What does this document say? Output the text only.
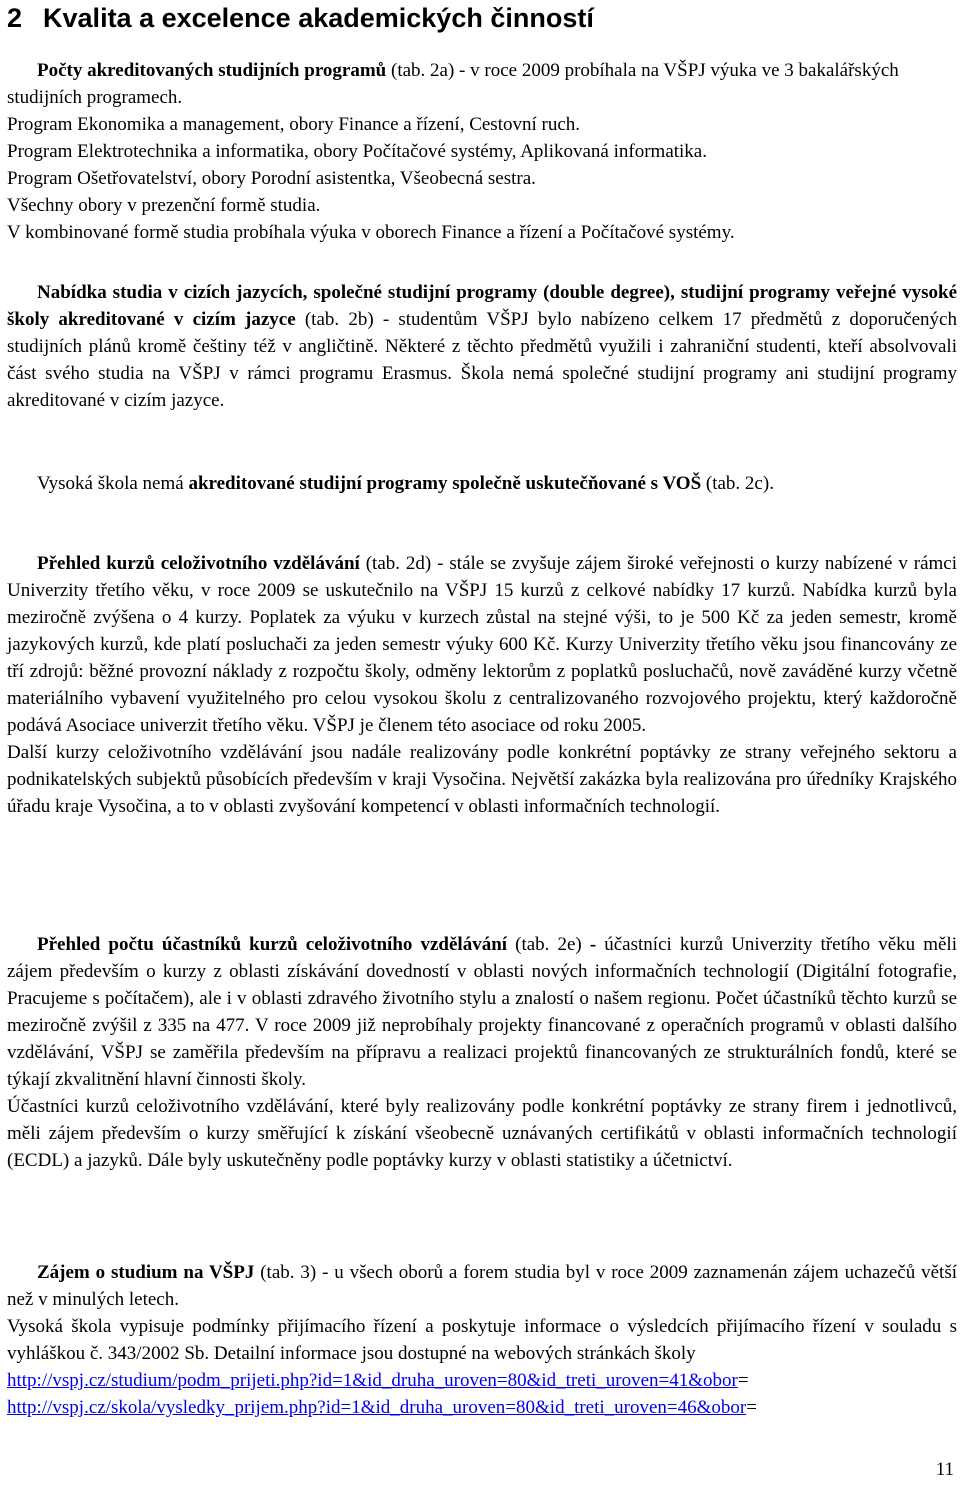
2 Kvalita a excelence akademických činností
Počty akreditovaných studijních programů (tab. 2a) - v roce 2009 probíhala na VŠPJ výuka ve 3 bakalářských studijních programech.
Program Ekonomika a management, obory Finance a řízení, Cestovní ruch.
Program Elektrotechnika a informatika, obory Počítačové systémy, Aplikovaná informatika.
Program Ošetřovatelství, obory Porodní asistentka, Všeobecná sestra.
Všechny obory v prezenční formě studia.
V kombinované formě studia probíhala výuka v oborech Finance a řízení a Počítačové systémy.
Nabídka studia v cizích jazycích, společné studijní programy (double degree), studijní programy veřejné vysoké školy akreditované v cizím jazyce (tab. 2b) - studentům VŠPJ bylo nabízeno celkem 17 předmětů z doporučených studijních plánů kromě češtiny též v angličtině. Některé z těchto předmětů využili i zahraniční studenti, kteří absolvovali část svého studia na VŠPJ v rámci programu Erasmus. Škola nemá společné studijní programy ani studijní programy akreditované v cizím jazyce.
Vysoká škola nemá akreditované studijní programy společně uskutečňované s VOŠ (tab. 2c).
Přehled kurzů celoživotního vzdělávání (tab. 2d) - stále se zvyšuje zájem široké veřejnosti o kurzy nabízené v rámci Univerzity třetího věku, v roce 2009 se uskutečnilo na VŠPJ 15 kurzů z celkové nabídky 17 kurzů. Nabídka kurzů byla meziročně zvýšena o 4 kurzy. Poplatek za výuku v kurzech zůstal na stejné výši, to je 500 Kč za jeden semestr, kromě jazykových kurzů, kde platí posluchači za jeden semestr výuky 600 Kč. Kurzy Univerzity třetího věku jsou financovány ze tří zdrojů: běžné provozní náklady z rozpočtu školy, odměny lektorům z poplatků posluchačů, nově zaváděné kurzy včetně materiálního vybavení využitelného pro celou vysokou školu z centralizovaného rozvojového projektu, který každoročně podává Asociace univerzit třetího věku. VŠPJ je členem této asociace od roku 2005.
Další kurzy celoživotního vzdělávání jsou nadále realizovány podle konkrétní poptávky ze strany veřejného sektoru a podnikatelských subjektů působících především v kraji Vysočina. Největší zakázka byla realizována pro úředníky Krajského úřadu kraje Vysočina, a to v oblasti zvyšování kompetencí v oblasti informačních technologií.
Přehled počtu účastníků kurzů celoživotního vzdělávání (tab. 2e) - účastníci kurzů Univerzity třetího věku měli zájem především o kurzy z oblasti získávání dovedností v oblasti nových informačních technologií (Digitální fotografie, Pracujeme s počítačem), ale i v oblasti zdravého životního stylu a znalostí o našem regionu. Počet účastníků těchto kurzů se meziročně zvýšil z 335 na 477. V roce 2009 již neprobíhaly projekty financované z operačních programů v oblasti dalšího vzdělávání, VŠPJ se zaměřila především na přípravu a realizaci projektů financovaných ze strukturálních fondů, které se týkají zkvalitnění hlavní činnosti školy.
Účastníci kurzů celoživotního vzdělávání, které byly realizovány podle konkrétní poptávky ze strany firem i jednotlivců, měli zájem především o kurzy směřující k získání všeobecně uznávaných certifikátů v oblasti informačních technologií (ECDL) a jazyků. Dále byly uskutečněny podle poptávky kurzy v oblasti statistiky a účetnictví.
Zájem o studium na VŠPJ (tab. 3) - u všech oborů a forem studia byl v roce 2009 zaznamenán zájem uchazečů větší než v minulých letech.
Vysoká škola vypisuje podmínky přijímacího řízení a poskytuje informace o výsledcích přijímacího řízení v souladu s vyhláškou č. 343/2002 Sb. Detailní informace jsou dostupné na webových stránkách školy
http://vspj.cz/studium/podm_prijeti.php?id=1&id_druha_uroven=80&id_treti_uroven=41&obor=
http://vspj.cz/skola/vysledky_prijem.php?id=1&id_druha_uroven=80&id_treti_uroven=46&obor=
11
